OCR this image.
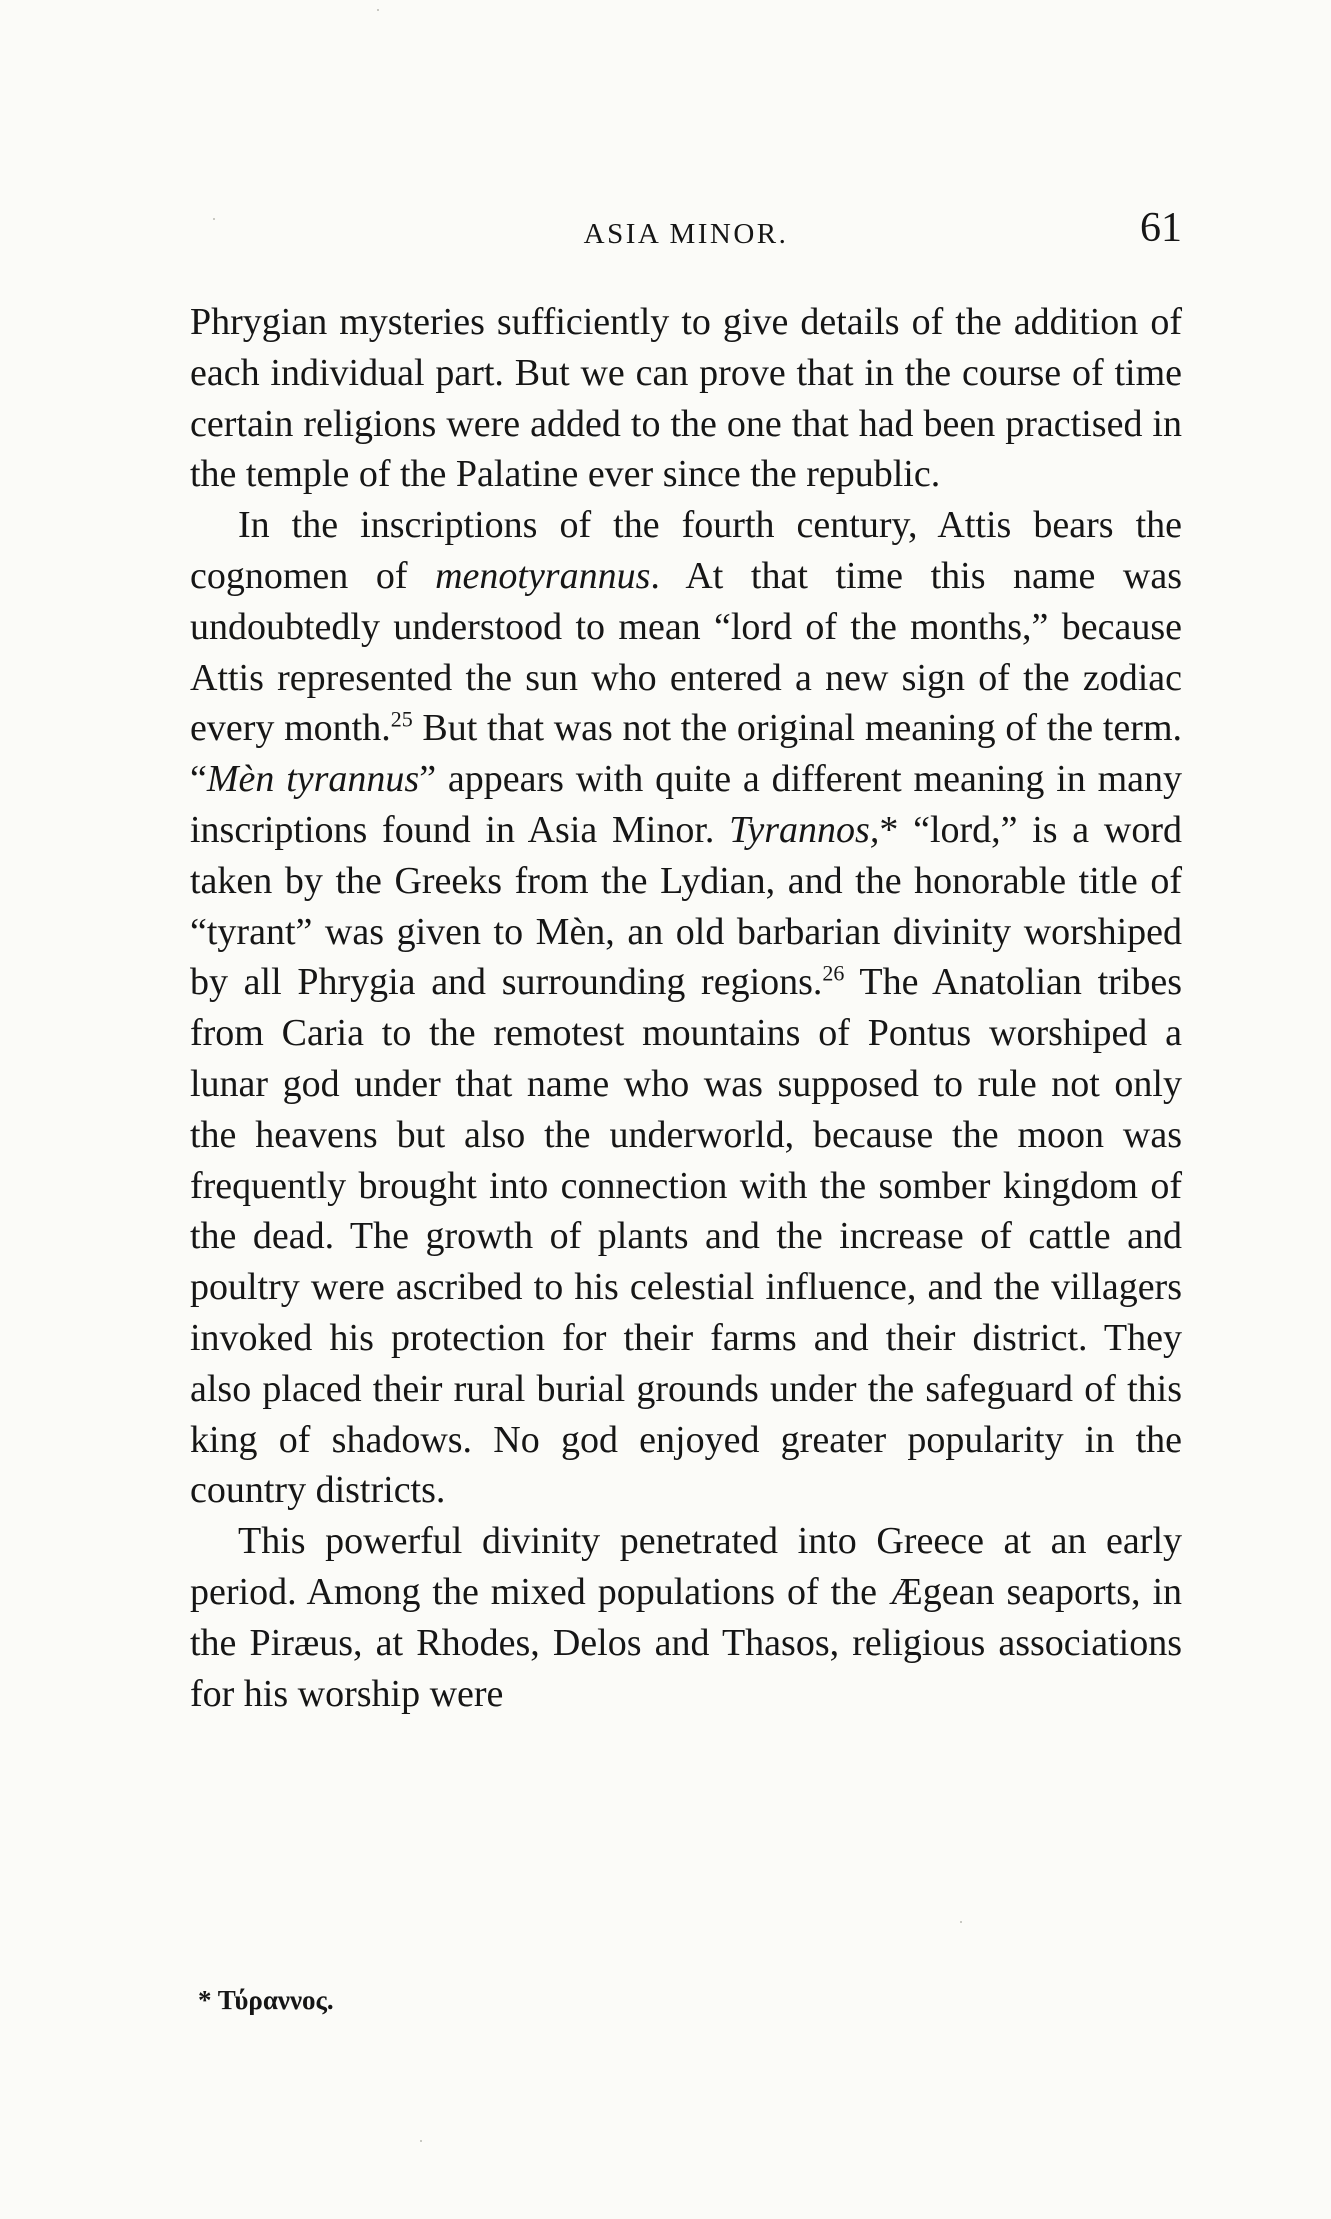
ASIA MINOR.	61

Phrygian mysteries sufficiently to give details of the addition of each individual part. But we can prove that in the course of time certain religions were added to the one that had been practised in the temple of the Palatine ever since the republic.

In the inscriptions of the fourth century, Attis bears the cognomen of menotyrannus. At that time this name was undoubtedly understood to mean “lord of the months,” because Attis represented the sun who entered a new sign of the zodiac every month.$^{25}$ But that was not the original meaning of the term. “Mèn tyrannus” appears with quite a different meaning in many inscriptions found in Asia Minor. Tyrannos,* “lord,” is a word taken by the Greeks from the Lydian, and the honorable title of “tyrant” was given to Mèn, an old barbarian divinity worshiped by all Phrygia and surrounding regions.$^{26}$ The Anatolian tribes from Caria to the remotest mountains of Pontus worshiped a lunar god under that name who was supposed to rule not only the heavens but also the underworld, because the moon was frequently brought into connection with the somber kingdom of the dead. The growth of plants and the increase of cattle and poultry were ascribed to his celestial influence, and the villagers invoked his protection for their farms and their district. They also placed their rural burial grounds under the safeguard of this king of shadows. No god enjoyed greater popularity in the country districts.

This powerful divinity penetrated into Greece at an early period. Among the mixed populations of the Ægean seaports, in the Piræus, at Rhodes, Delos and Thasos, religious associations for his worship were

* Τύραννος.
